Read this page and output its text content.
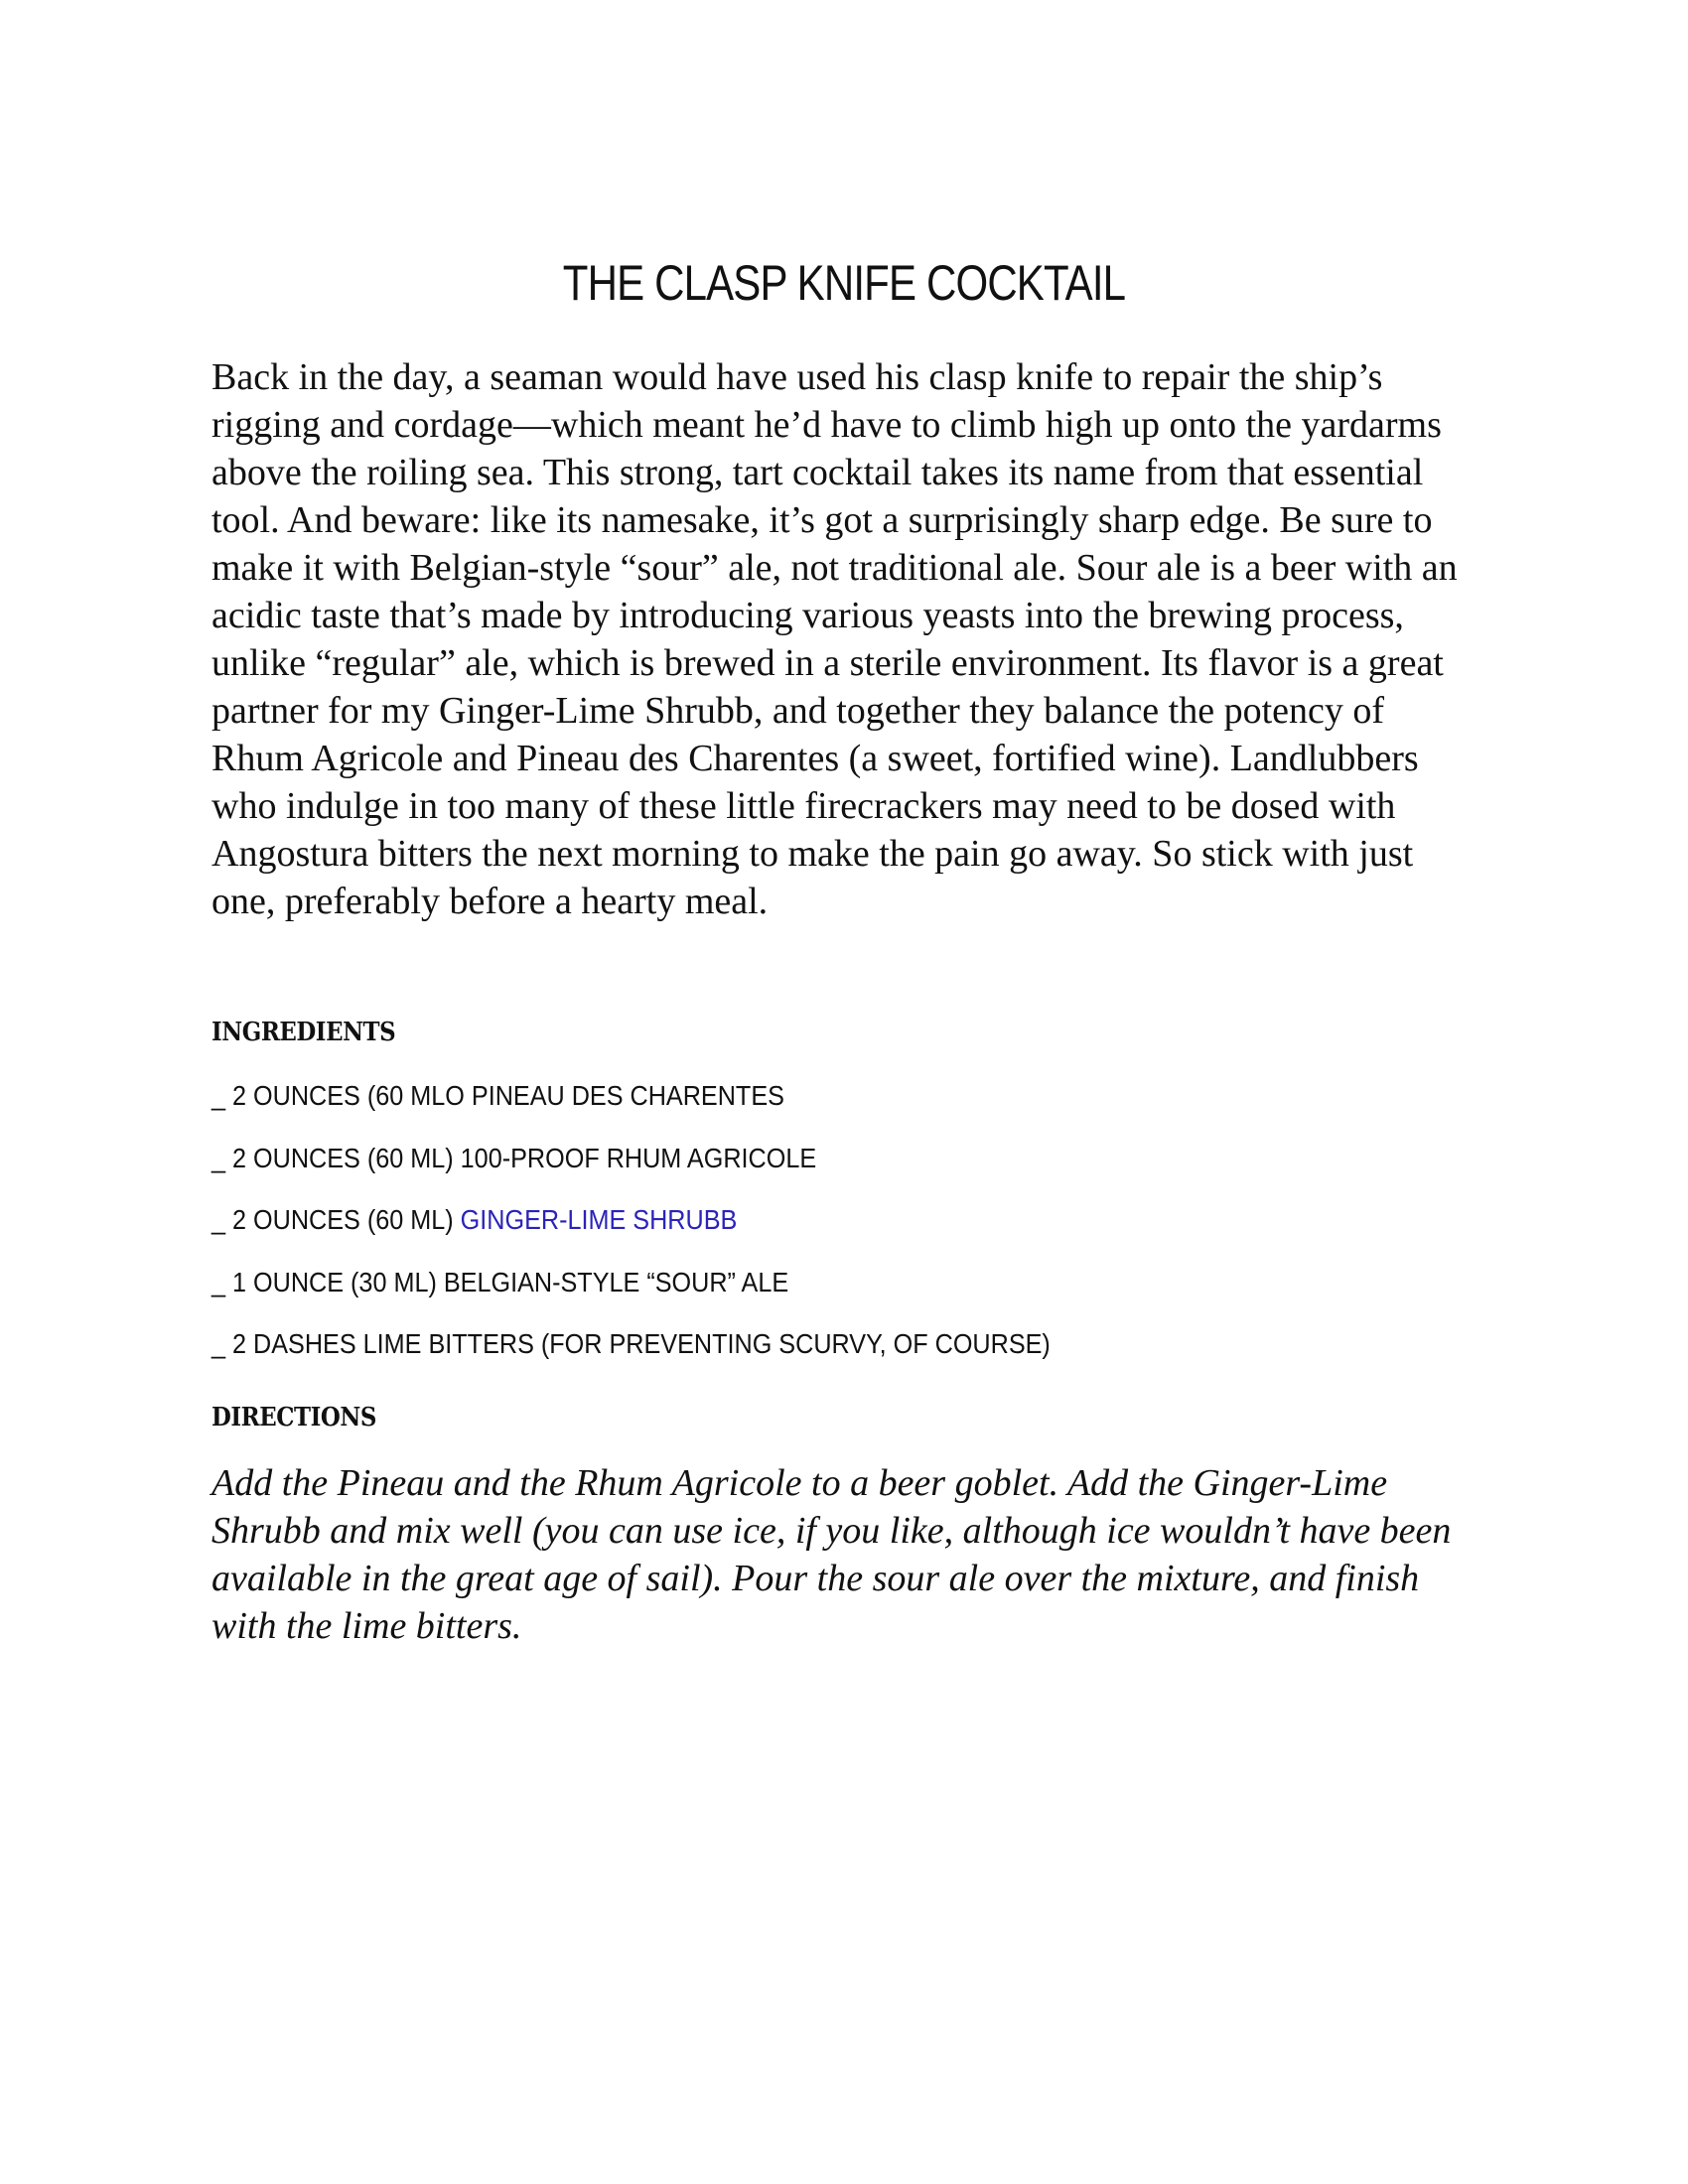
THE CLASP KNIFE COCKTAIL

Back in the day, a seaman would have used his clasp knife to repair the ship’s rigging and cordage—which meant he’d have to climb high up onto the yardarms above the roiling sea. This strong, tart cocktail takes its name from that essential tool. And beware: like its namesake, it’s got a surprisingly sharp edge. Be sure to make it with Belgian-style “sour” ale, not traditional ale. Sour ale is a beer with an acidic taste that’s made by introducing various yeasts into the brewing process, unlike “regular” ale, which is brewed in a sterile environment. Its flavor is a great partner for my Ginger-Lime Shrubb, and together they balance the potency of Rhum Agricole and Pineau des Charentes (a sweet, fortified wine). Landlubbers who indulge in too many of these little firecrackers may need to be dosed with Angostura bitters the next morning to make the pain go away. So stick with just one, preferably before a hearty meal.

INGREDIENTS
_ 2 OUNCES (60 MLO PINEAU DES CHARENTES
_ 2 OUNCES (60 ML) 100-PROOF RHUM AGRICOLE
_ 2 OUNCES (60 ML) GINGER-LIME SHRUBB
_ 1 OUNCE (30 ML) BELGIAN-STYLE “SOUR” ALE
_ 2 DASHES LIME BITTERS (FOR PREVENTING SCURVY, OF COURSE)
DIRECTIONS

Add the Pineau and the Rhum Agricole to a beer goblet. Add the Ginger-Lime Shrubb and mix well (you can use ice, if you like, although ice wouldn’t have been available in the great age of sail). Pour the sour ale over the mixture, and finish with the lime bitters.
